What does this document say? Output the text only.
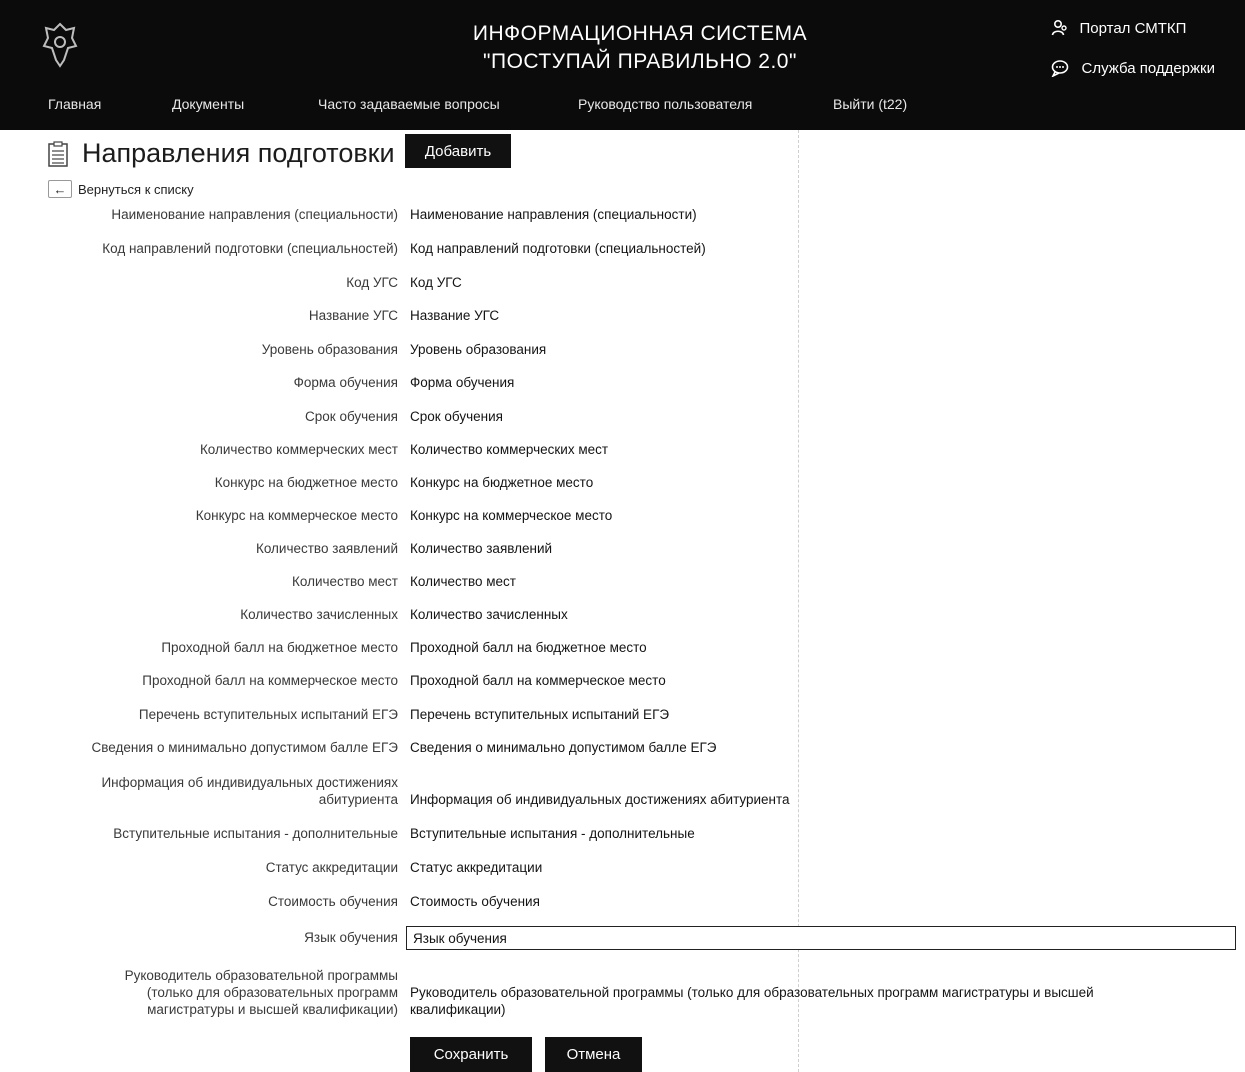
ИНФОРМАЦИОННАЯ СИСТЕМА
"ПОСТУПАЙ ПРАВИЛЬНО 2.0"
Портал СМТКП
Служба поддержки
Главная	Документы	Часто задаваемые вопросы	Руководство пользователя	Выйти (t22)
Направления подготовки	Добавить
← Вернуться к списку
Наименование направления (специальности) Наименование направления (специальности)
Код направлений подготовки (специальностей) Код направлений подготовки (специальностей)
Код УГС Код УГС
Название УГС Название УГС
Уровень образования Уровень образования
Форма обучения Форма обучения
Срок обучения Срок обучения
Количество коммерческих мест Количество коммерческих мест
Конкурс на бюджетное место Конкурс на бюджетное место
Конкурс на коммерческое место Конкурс на коммерческое место
Количество заявлений Количество заявлений
Количество мест Количество мест
Количество зачисленных Количество зачисленных
Проходной балл на бюджетное место Проходной балл на бюджетное место
Проходной балл на коммерческое место Проходной балл на коммерческое место
Перечень вступительных испытаний ЕГЭ Перечень вступительных испытаний ЕГЭ
Сведения о минимально допустимом балле ЕГЭ Сведения о минимально допустимом балле ЕГЭ
Информация об индивидуальных достижениях
абитуриента Информация об индивидуальных достижениях абитуриента
Вступительные испытания - дополнительные Вступительные испытания - дополнительные
Статус аккредитации Статус аккредитации
Стоимость обучения Стоимость обучения
Язык обучения
Язык обучения
Руководитель образовательной программы
(только для образовательных программ
магистратуры и высшей квалификации)
Руководитель образовательной программы (только для образовательных программ магистратуры и высшей
квалификации)
Сохранить	Отмена
